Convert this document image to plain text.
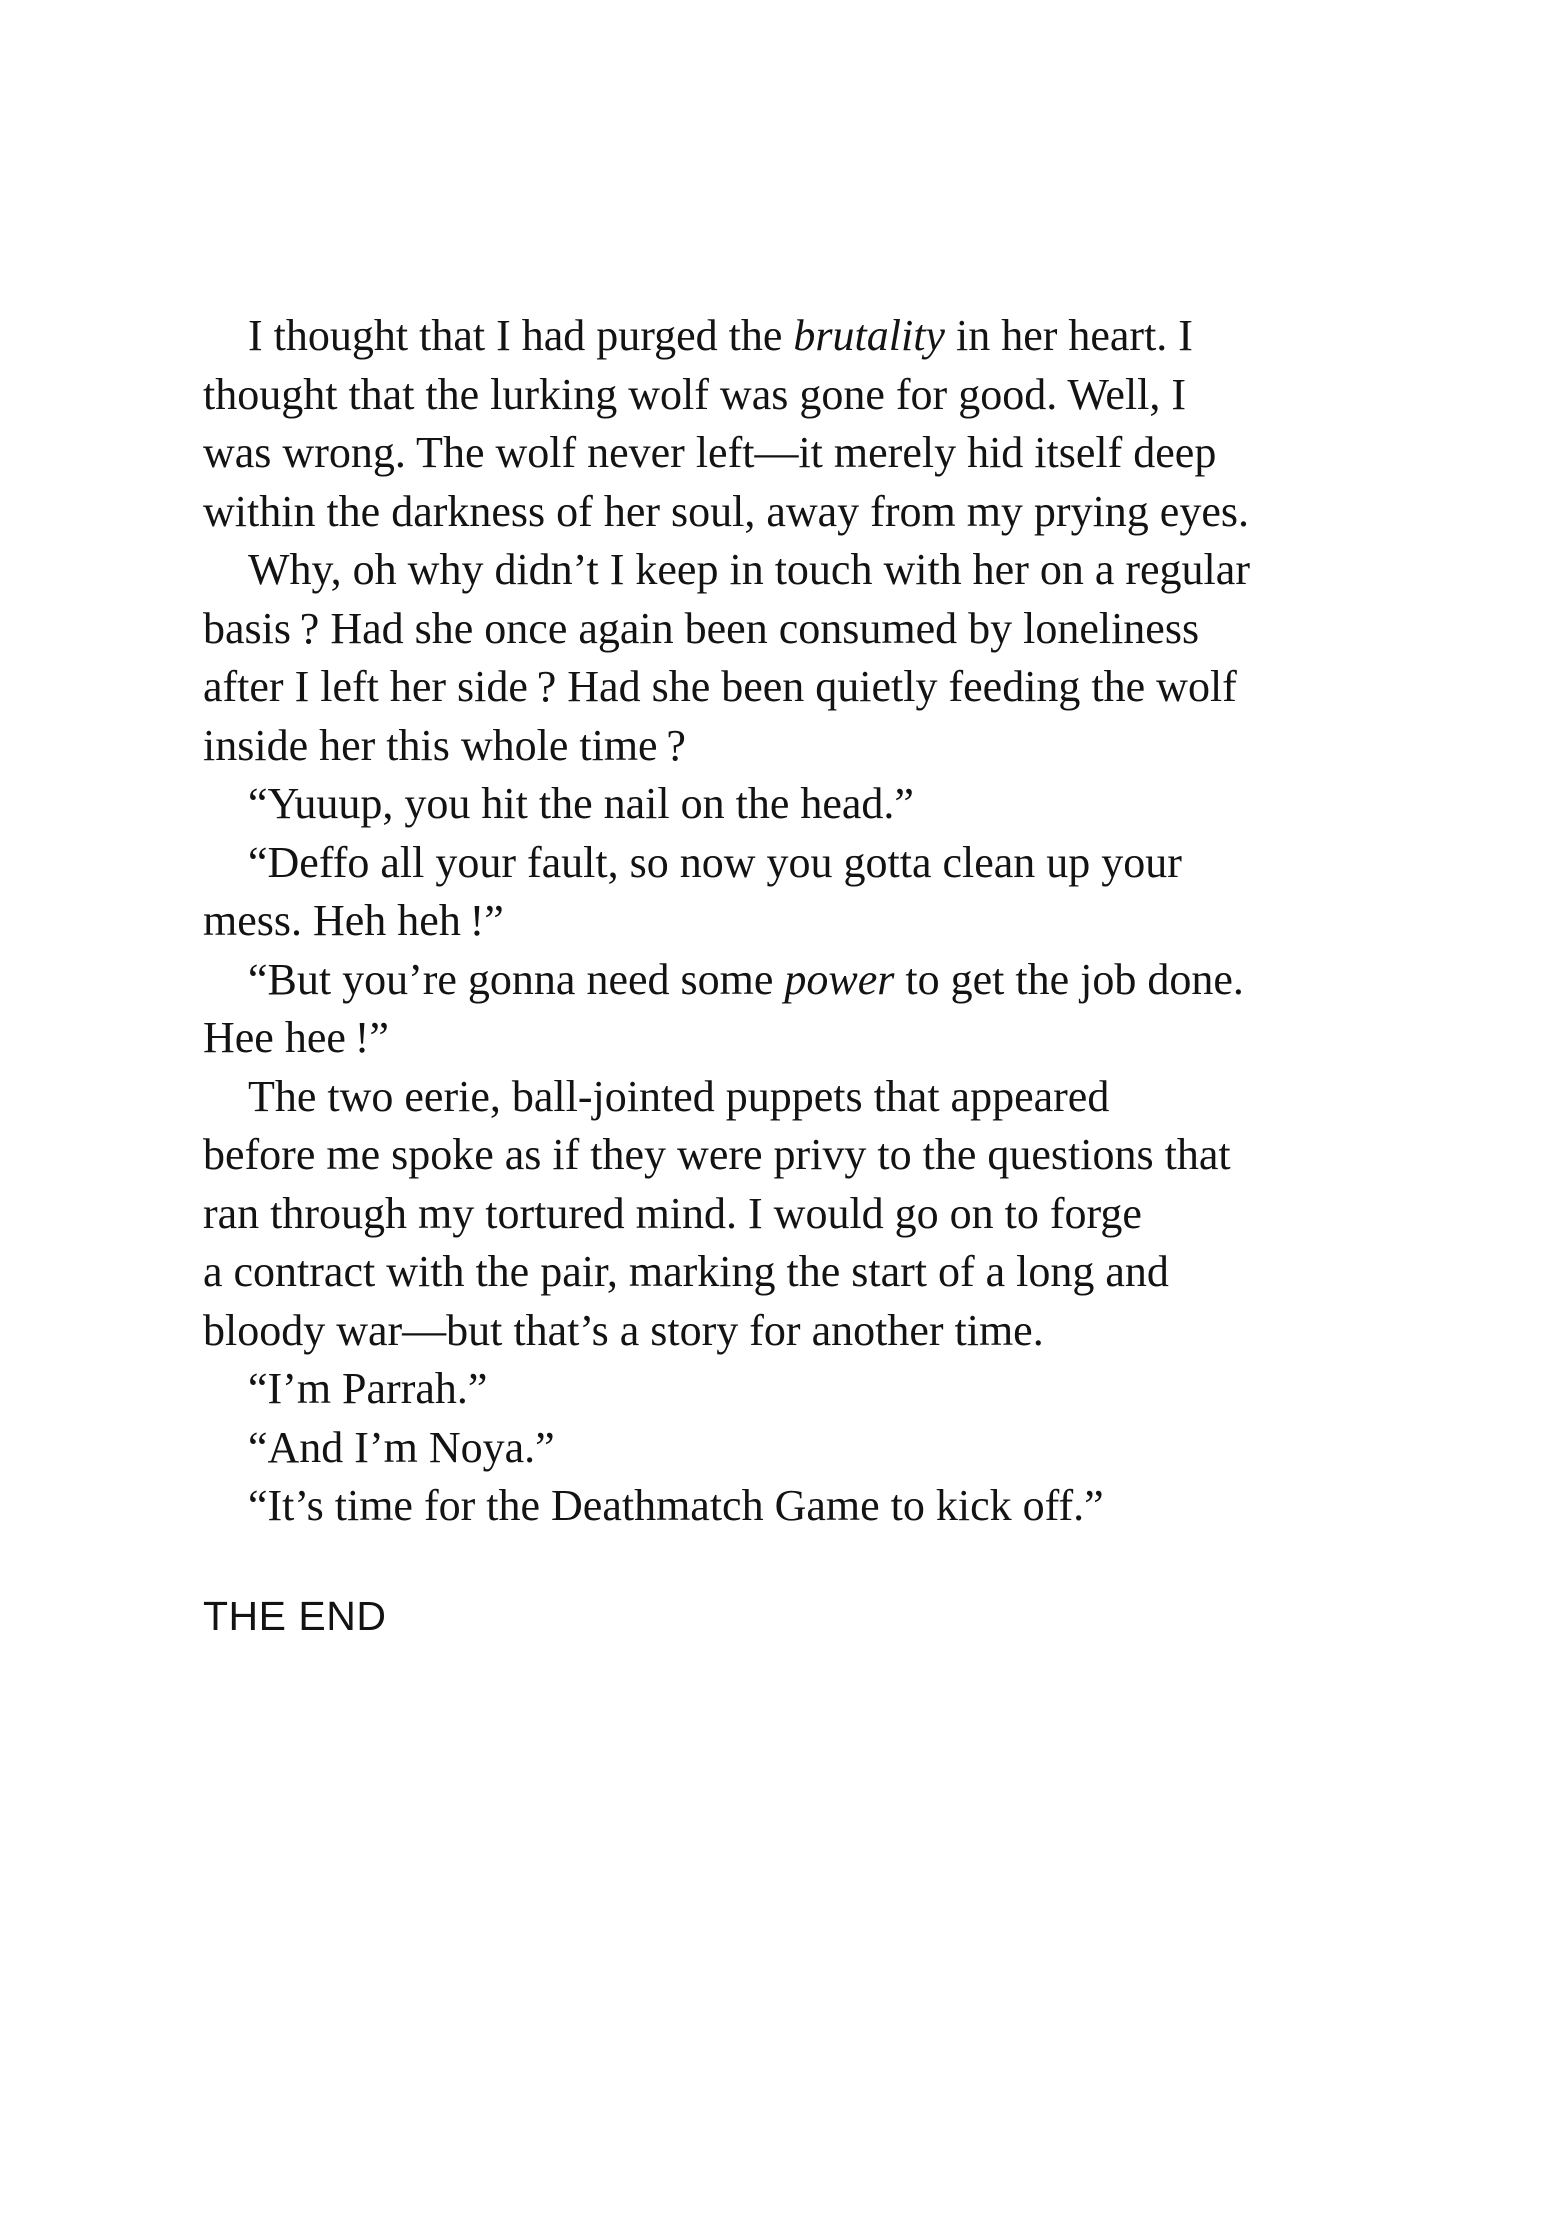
I thought that I had purged the brutality in her heart. I
thought that the lurking wolf was gone for good. Well, I
was wrong. The wolf never left—it merely hid itself deep
within the darkness of her soul, away from my prying eyes.
Why, oh why didn’t I keep in touch with her on a regular
basis ? Had she once again been consumed by loneliness
after I left her side ? Had she been quietly feeding the wolf
inside her this whole time ?
“Yuuup, you hit the nail on the head.”
“Deffo all your fault, so now you gotta clean up your
mess. Heh heh !”
“But you’re gonna need some power to get the job done.
Hee hee !”
The two eerie, ball-jointed puppets that appeared
before me spoke as if they were privy to the questions that
ran through my tortured mind. I would go on to forge
a contract with the pair, marking the start of a long and
bloody war—but that’s a story for another time.
“I’m Parrah.”
“And I’m Noya.”
“It’s time for the Deathmatch Game to kick off.”
THE END
